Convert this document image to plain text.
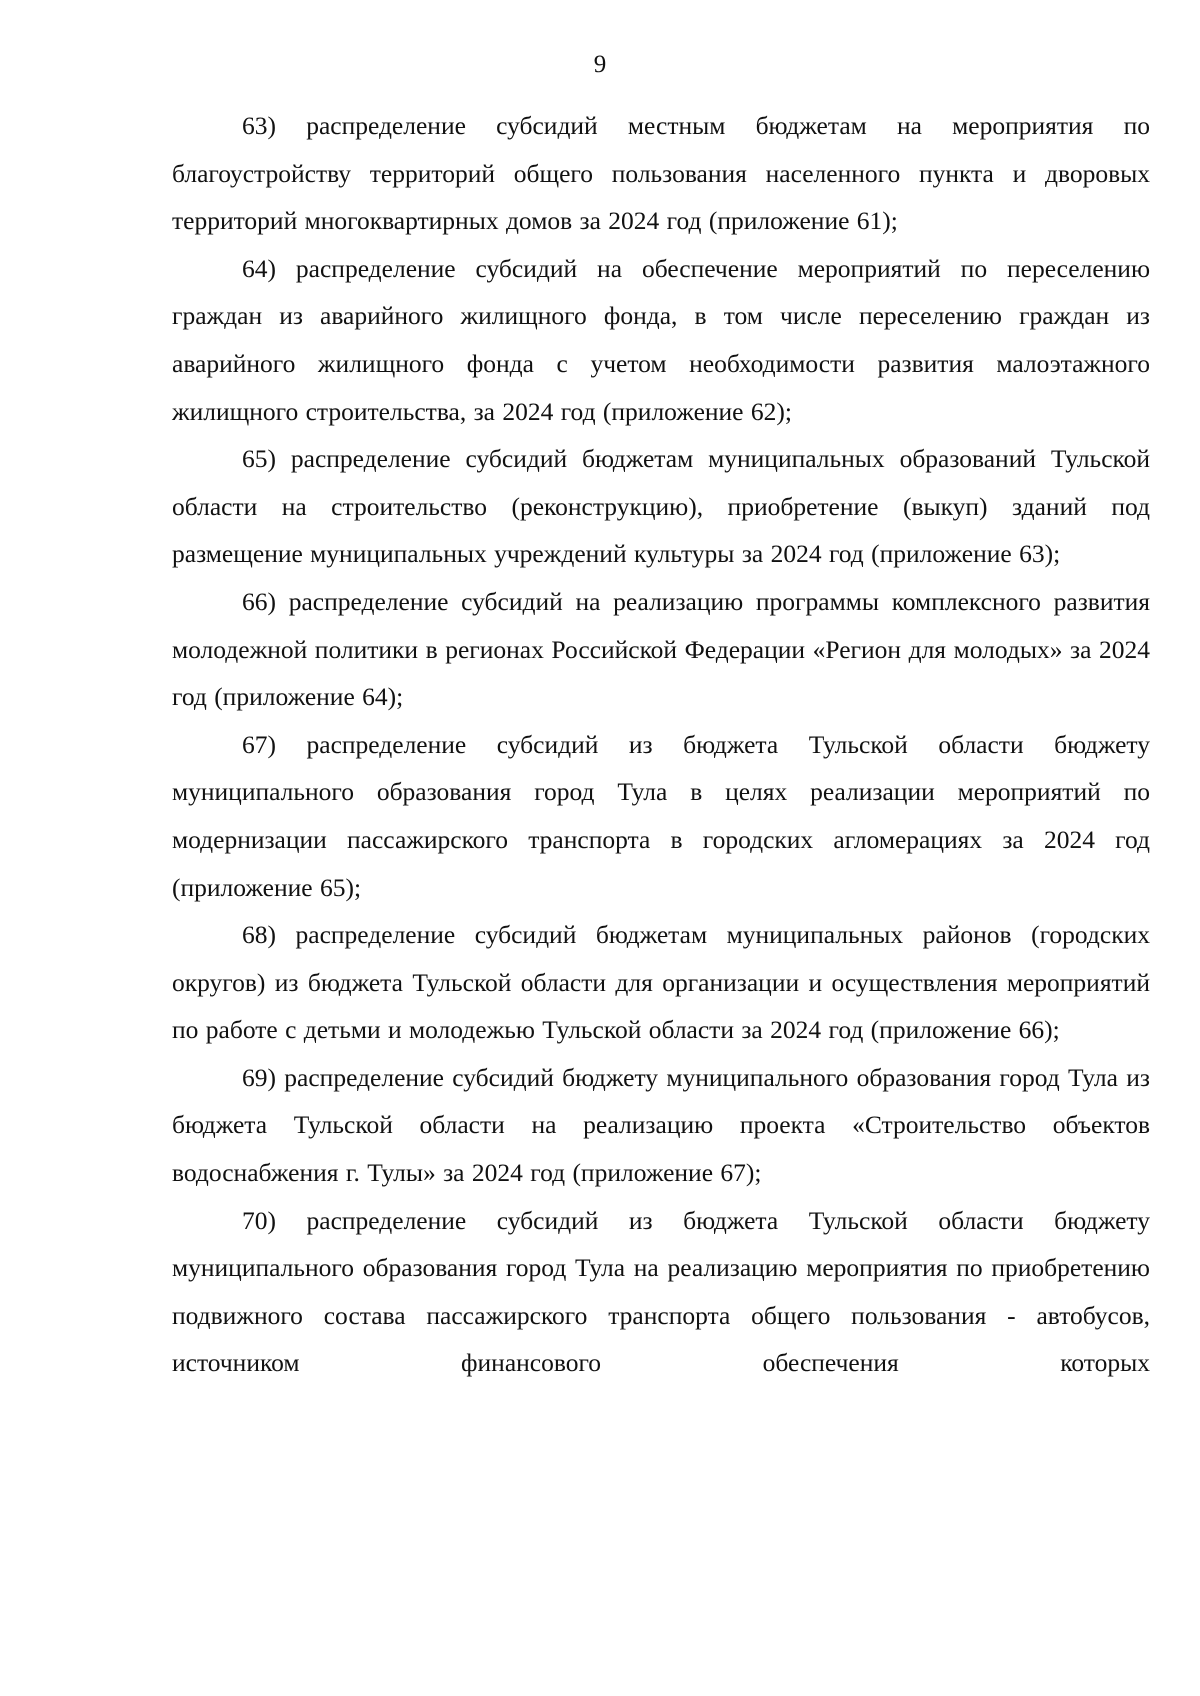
9

63) распределение субсидий местным бюджетам на мероприятия по благоустройству территорий общего пользования населенного пункта и дворовых территорий многоквартирных домов за 2024 год (приложение 61);

64) распределение субсидий на обеспечение мероприятий по переселению граждан из аварийного жилищного фонда, в том числе переселению граждан из аварийного жилищного фонда с учетом необходимости развития малоэтажного жилищного строительства, за 2024 год (приложение 62);

65) распределение субсидий бюджетам муниципальных образований Тульской области на строительство (реконструкцию), приобретение (выкуп) зданий под размещение муниципальных учреждений культуры за 2024 год (приложение 63);

66) распределение субсидий на реализацию программы комплексного развития молодежной политики в регионах Российской Федерации «Регион для молодых» за 2024 год (приложение 64);

67) распределение субсидий из бюджета Тульской области бюджету муниципального образования город Тула в целях реализации мероприятий по модернизации пассажирского транспорта в городских агломерациях за 2024 год (приложение 65);

68) распределение субсидий бюджетам муниципальных районов (городских округов) из бюджета Тульской области для организации и осуществления мероприятий по работе с детьми и молодежью Тульской области за 2024 год (приложение 66);

69) распределение субсидий бюджету муниципального образования город Тула из бюджета Тульской области на реализацию проекта «Строительство объектов водоснабжения г. Тулы» за 2024 год (приложение 67);

70) распределение субсидий из бюджета Тульской области бюджету муниципального образования город Тула на реализацию мероприятия по приобретению подвижного состава пассажирского транспорта общего пользования - автобусов, источником финансового обеспечения которых
